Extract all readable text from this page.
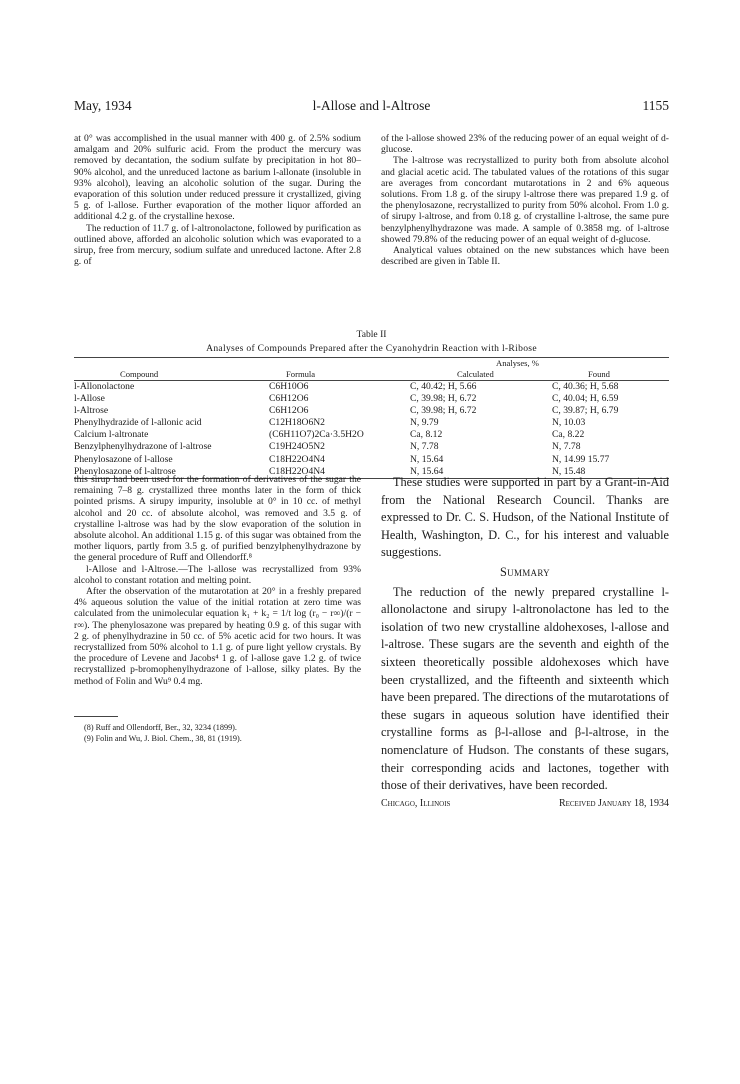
May, 1934	l-Allose and l-Altrose	1155

at 0° was accomplished in the usual manner with 400 g. of 2.5% sodium amalgam and 20% sulfuric acid. From the product the mercury was removed by decantation, the sodium sulfate by precipitation in hot 80–90% alcohol, and the unreduced lactone as barium l-allonate (insoluble in 93% alcohol), leaving an alcoholic solution of the sugar. During the evaporation of this solution under reduced pressure it crystallized, giving 5 g. of l-allose. Further evaporation of the mother liquor afforded an additional 4.2 g. of the crystalline hexose.

The reduction of 11.7 g. of l-altronolactone, followed by purification as outlined above, afforded an alcoholic solution which was evaporated to a sirup, free from mercury, sodium sulfate and unreduced lactone. After 2.8 g. of

of the l-allose showed 23% of the reducing power of an equal weight of d-glucose.

The l-altrose was recrystallized to purity both from absolute alcohol and glacial acetic acid. The tabulated values of the rotations of this sugar are averages from concordant mutarotations in 2 and 6% aqueous solutions. From 1.8 g. of the sirupy l-altrose there was prepared 1.9 g. of the phenylosazone, recrystallized to purity from 50% alcohol. From 1.0 g. of sirupy l-altrose, and from 0.18 g. of crystalline l-altrose, the same pure benzylphenylhydrazone was made. A sample of 0.3858 mg. of l-altrose showed 79.8% of the reducing power of an equal weight of d-glucose.

Analytical values obtained on the new substances which have been described are given in Table II.

Table II
Analyses of Compounds Prepared after the Cyanohydrin Reaction with l-Ribose
Compound	Formula
Analyses, %
Calculated	Found
l-Allonolactone	C6H10O6	C, 40.42; H, 5.66	C, 40.36; H, 5.68
l-Allose	C6H12O6	C, 39.98; H, 6.72	C, 40.04; H, 6.59
l-Altrose	C6H12O6	C, 39.98; H, 6.72	C, 39.87; H, 6.79
Phenylhydrazide of l-allonic acid	C12H18O6N2	N, 9.79	N, 10.03
Calcium l-altronate	(C6H11O7)2Ca·3.5H2O	Ca, 8.12	Ca, 8.22
Benzylphenylhydrazone of l-altrose	C19H24O5N2	N, 7.78	N, 7.78
Phenylosazone of l-allose	C18H22O4N4	N, 15.64	N, 14.99 15.77
Phenylosazone of l-altrose	C18H22O4N4	N, 15.64	N, 15.48

this sirup had been used for the formation of derivatives of the sugar the remaining 7–8 g. crystallized three months later in the form of thick pointed prisms. A sirupy impurity, insoluble at 0° in 10 cc. of methyl alcohol and 20 cc. of absolute alcohol, was removed and 3.5 g. of crystalline l-altrose was had by the slow evaporation of the solution in absolute alcohol. An additional 1.15 g. of this sugar was obtained from the mother liquors, partly from 3.5 g. of purified benzylphenylhydrazone by the general procedure of Ruff and Ollendorff.⁸

l-Allose and l-Altrose.—The l-allose was recrystallized from 93% alcohol to constant rotation and melting point.

After the observation of the mutarotation at 20° in a freshly prepared 4% aqueous solution the value of the initial rotation at zero time was calculated from the unimolecular equation k₁ + k₂ = 1/t log (r₀ − r∞)/(r − r∞). The phenylosazone was prepared by heating 0.9 g. of this sugar with 2 g. of phenylhydrazine in 50 cc. of 5% acetic acid for two hours. It was recrystallized from 50% alcohol to 1.1 g. of pure light yellow crystals. By the procedure of Levene and Jacobs⁴ 1 g. of l-allose gave 1.2 g. of twice recrystallized p-bromophenylhydrazone of l-allose, silky plates. By the method of Folin and Wu⁹ 0.4 mg.

(8) Ruff and Ollendorff, Ber., 32, 3234 (1899).

(9) Folin and Wu, J. Biol. Chem., 38, 81 (1919).

These studies were supported in part by a Grant-in-Aid from the National Research Council. Thanks are expressed to Dr. C. S. Hudson, of the National Institute of Health, Washington, D. C., for his interest and valuable suggestions.

Summary

The reduction of the newly prepared crystalline l-allonolactone and sirupy l-altronolactone has led to the isolation of two new crystalline aldohexoses, l-allose and l-altrose. These sugars are the seventh and eighth of the sixteen theoretically possible aldohexoses which have been crystallized, and the fifteenth and sixteenth which have been prepared. The directions of the mutarotations of these sugars in aqueous solution have identified their crystalline forms as β-l-allose and β-l-altrose, in the nomenclature of Hudson. The constants of these sugars, their corresponding acids and lactones, together with those of their derivatives, have been recorded.

Chicago, Illinois	Received January 18, 1934
